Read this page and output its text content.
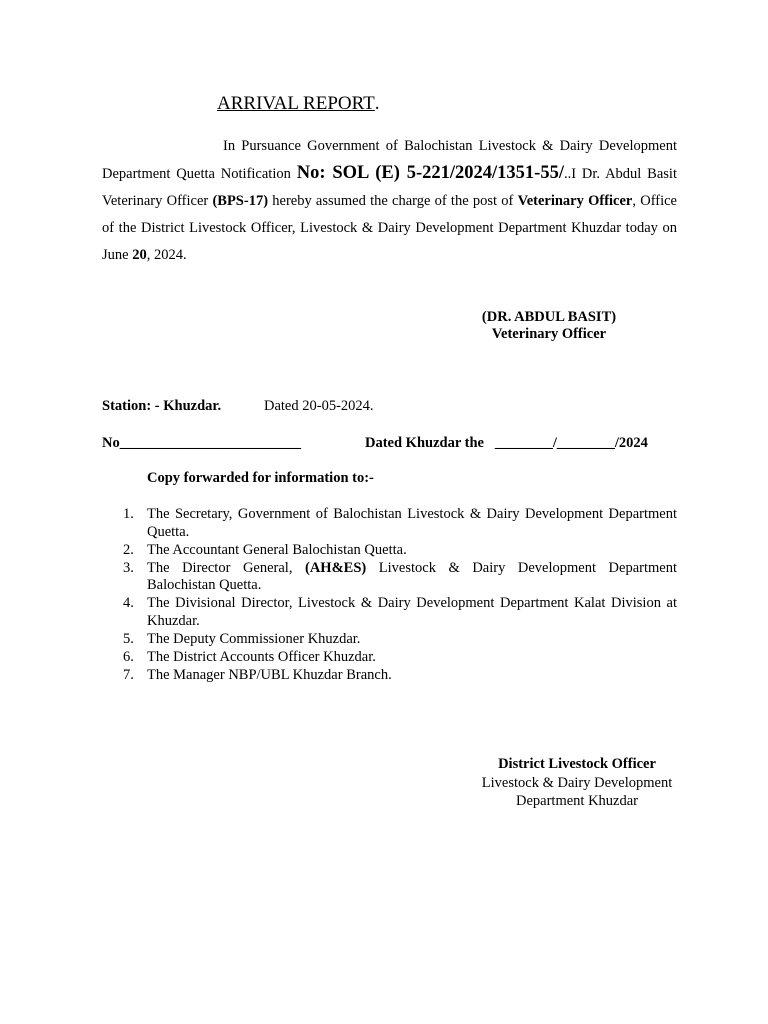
ARRIVAL REPORT.
In Pursuance Government of Balochistan Livestock & Dairy Development Department Quetta Notification No: SOL (E) 5-221/2024/1351-55/..I Dr. Abdul Basit Veterinary Officer (BPS-17) hereby assumed the charge of the post of Veterinary Officer, Office of the District Livestock Officer, Livestock & Dairy Development Department Khuzdar today on June 20, 2024.
(DR. ABDUL BASIT)
Veterinary Officer
Station: - Khuzdar.	Dated 20-05-2024.
No_________________________	Dated Khuzdar the   ________/________/2024
Copy forwarded for information to:-
1. The Secretary, Government of Balochistan Livestock & Dairy Development Department Quetta.
2. The Accountant General Balochistan Quetta.
3. The Director General, (AH&ES) Livestock & Dairy Development Department Balochistan Quetta.
4. The Divisional Director, Livestock & Dairy Development Department Kalat Division at Khuzdar.
5. The Deputy Commissioner Khuzdar.
6. The District Accounts Officer Khuzdar.
7. The Manager NBP/UBL Khuzdar Branch.
District Livestock Officer
Livestock & Dairy Development
Department Khuzdar
